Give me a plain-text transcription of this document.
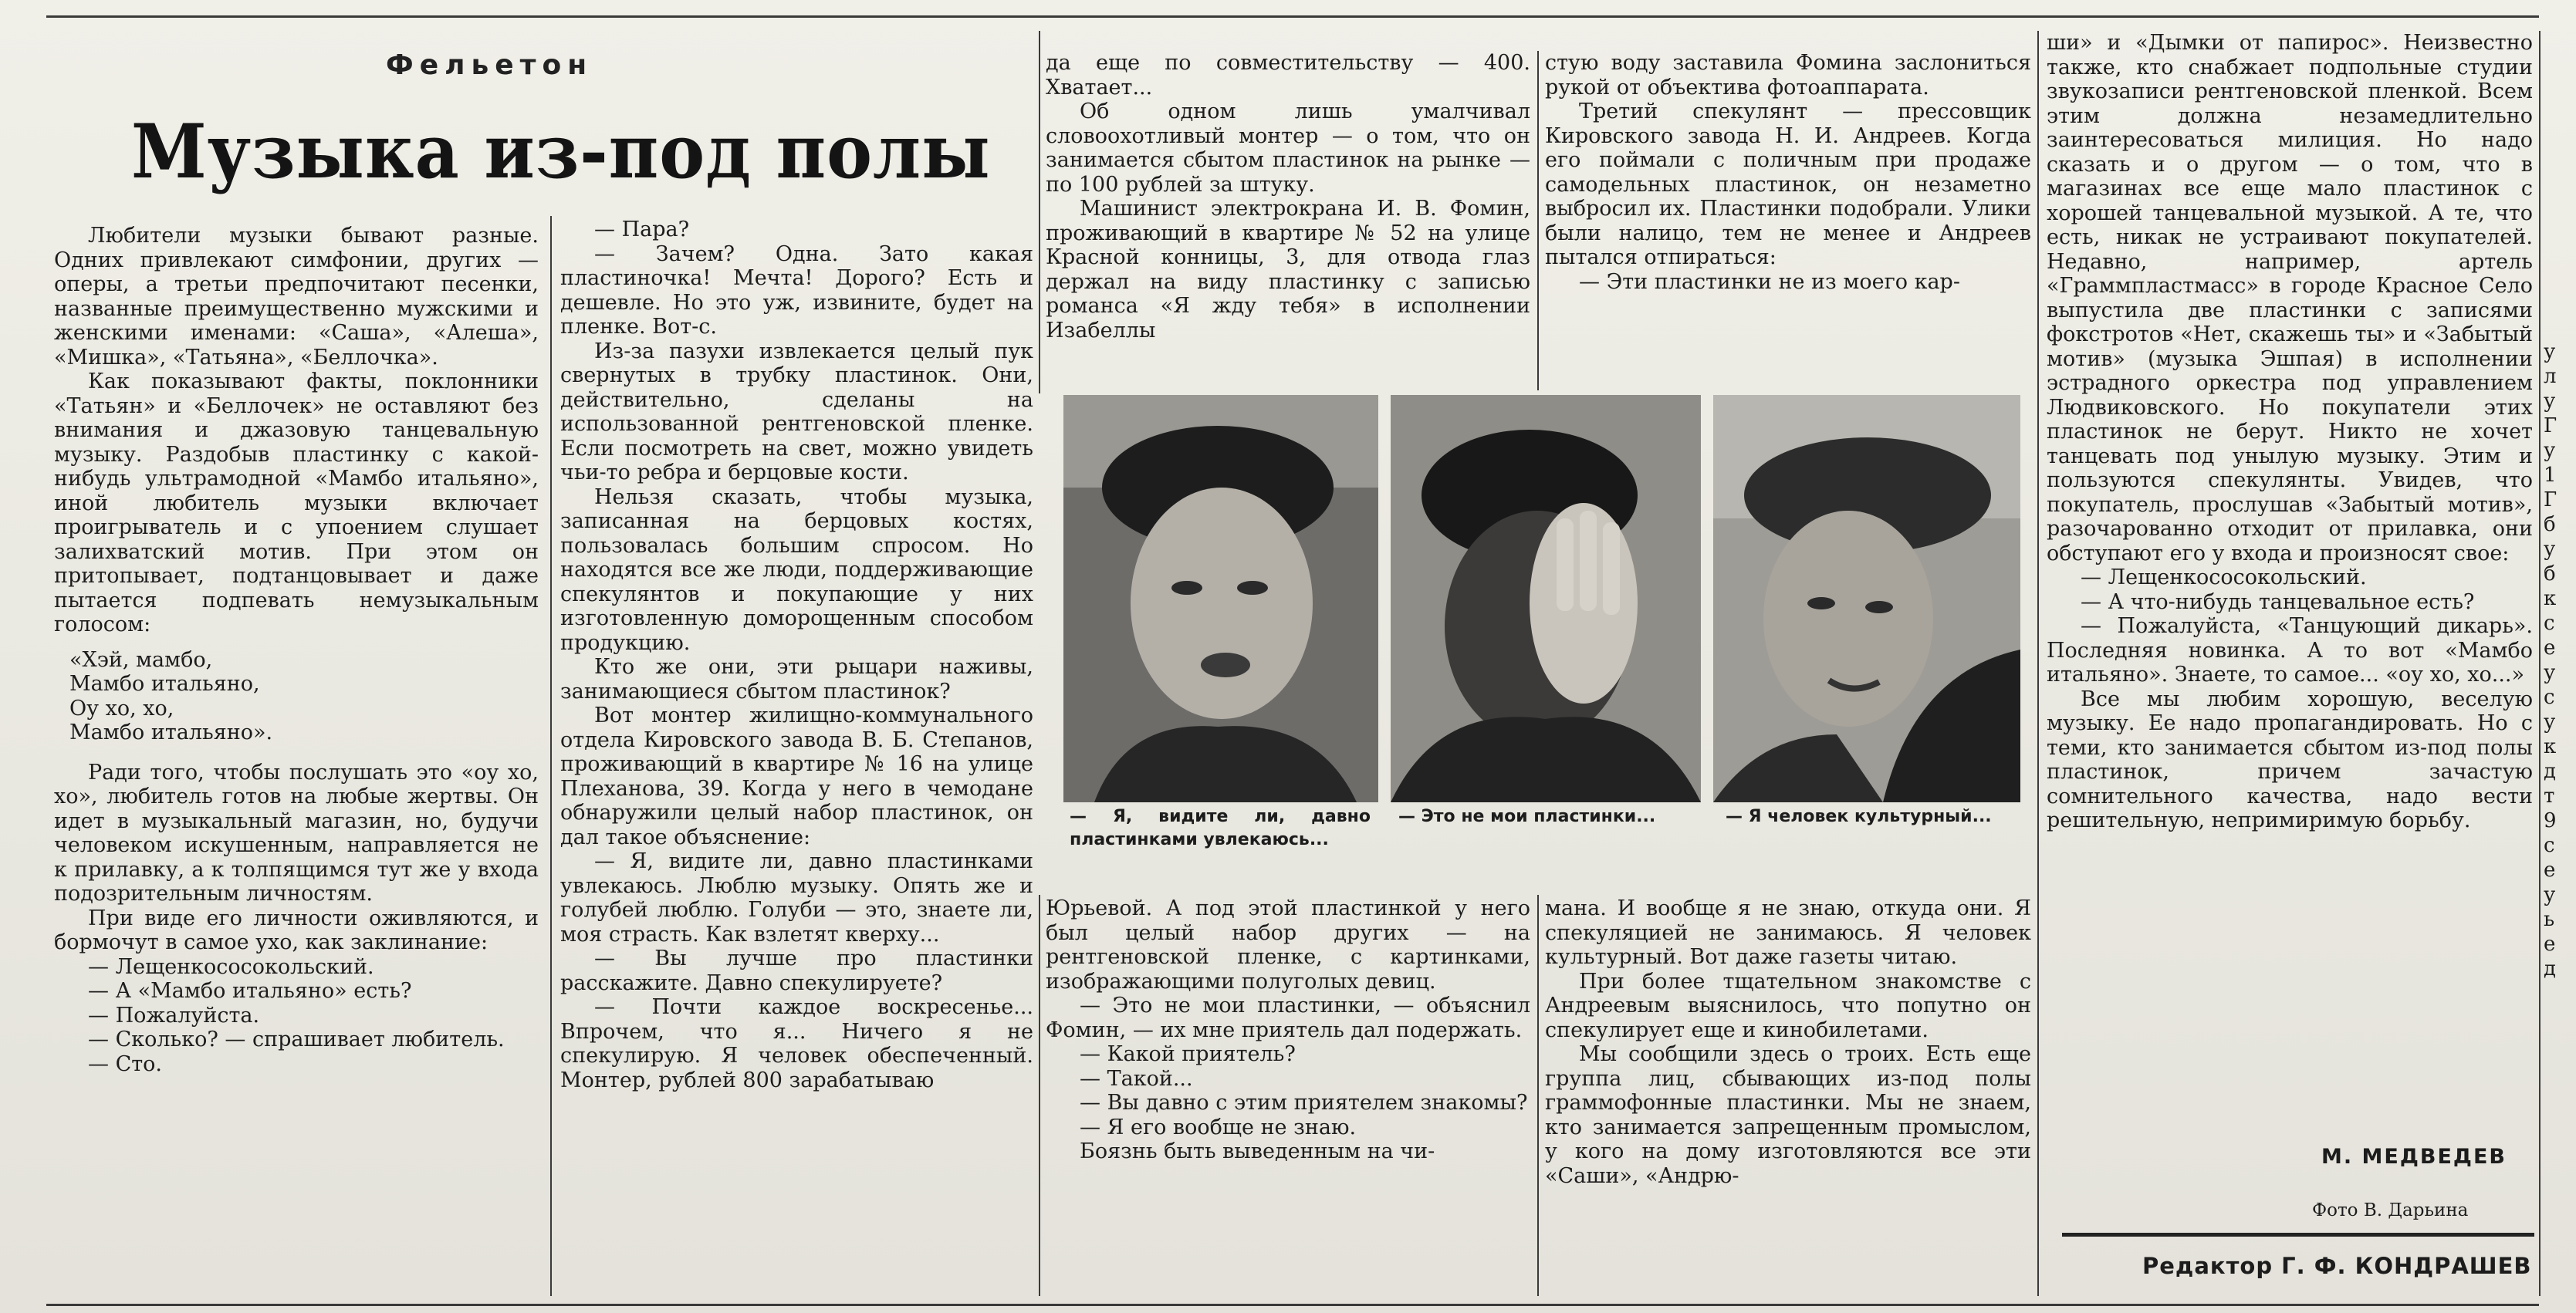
Фельетон
Музыка из-под полы

Любители музыки бывают разные. Одних привлекают симфонии, других — оперы, а третьи предпочитают песенки, названные преимущественно мужскими и женскими именами: «Саша», «Алеша», «Мишка», «Татьяна», «Беллочка».

Как показывают факты, поклонники «Татьян» и «Беллочек» не оставляют без внимания и джазовую танцевальную музыку. Раздобыв пластинку с какой-нибудь ультрамодной «Мамбо итальяно», иной любитель музыки включает проигрыватель и с упоением слушает залихватский мотив. При этом он притопывает, подтанцовывает и даже пытается подпевать немузыкальным голосом:

«Хэй, мамбо,

Мамбо итальяно,

Оу хо, хо,

Мамбо итальяно».

Ради того, чтобы послушать это «оу хо, хо», любитель готов на любые жертвы. Он идет в музыкальный магазин, но, будучи человеком искушенным, направляется не к прилавку, а к толпящимся тут же у входа подозрительным личностям.

При виде его личности оживляются, и бормочут в самое ухо, как заклинание:

— Лещенкососокольский.

— А «Мамбо итальяно» есть?

— Пожалуйста.

— Сколько? — спрашивает любитель.

— Сто.

— Пара?

— Зачем? Одна. Зато какая пластиночка! Мечта! Дорого? Есть и дешевле. Но это уж, извините, будет на пленке. Вот-с.

Из-за пазухи извлекается целый пук свернутых в трубку пластинок. Они, действительно, сделаны на использованной рентгеновской пленке. Если посмотреть на свет, можно увидеть чьи-то ребра и берцовые кости.

Нельзя сказать, чтобы музыка, записанная на берцовых костях, пользовалась большим спросом. Но находятся все же люди, поддерживающие спекулянтов и покупающие у них изготовленную доморощенным способом продукцию.

Кто же они, эти рыцари наживы, занимающиеся сбытом пластинок?

Вот монтер жилищно-коммунального отдела Кировского завода В. Б. Степанов, проживающий в квартире № 16 на улице Плеханова, 39. Когда у него в чемодане обнаружили целый набор пластинок, он дал такое объяснение:

— Я, видите ли, давно пластинками увлекаюсь. Люблю музыку. Опять же и голубей люблю. Голуби — это, знаете ли, моя страсть. Как взлетят кверху...

— Вы лучше про пластинки расскажите. Давно спекулируете?

— Почти каждое воскресенье... Впрочем, что я... Ничего я не спекулирую. Я человек обеспеченный. Монтер, рублей 800 зарабатываю

да еще по совместительству — 400. Хватает...

Об одном лишь умалчивал словоохотливый монтер — о том, что он занимается сбытом пластинок на рынке — по 100 рублей за штуку.

Машинист электрокрана И. В. Фомин, проживающий в квартире № 52 на улице Красной конницы, 3, для отвода глаз держал на виду пластинку с записью романса «Я жду тебя» в исполнении Изабеллы

стую воду заставила Фомина заслониться рукой от объектива фотоаппарата.

Третий спекулянт — прессовщик Кировского завода Н. И. Андреев. Когда его поймали с поличным при продаже самодельных пластинок, он незаметно выбросил их. Пластинки подобрали. Улики были налицо, тем не менее и Андреев пытался отпираться:

— Эти пластинки не из моего кар-

— Я, видите ли, давно пластинками увлекаюсь...
— Это не мои пластинки...	— Я человек культурный...

Юрьевой. А под этой пластинкой у него был целый набор других — на рентгеновской пленке, с картинками, изображающими полуголых девиц.

— Это не мои пластинки, — объяснил Фомин, — их мне приятель дал подержать.

— Какой приятель?

— Такой...

— Вы давно с этим приятелем знакомы?

— Я его вообще не знаю.

Боязнь быть выведенным на чи-

мана. И вообще я не знаю, откуда они. Я спекуляцией не занимаюсь. Я человек культурный. Вот даже газеты читаю.

При более тщательном знакомстве с Андреевым выяснилось, что попутно он спекулирует еще и кинобилетами.

Мы сообщили здесь о троих. Есть еще группа лиц, сбывающих из-под полы граммофонные пластинки. Мы не знаем, кто занимается запрещенным промыслом, у кого на дому изготовляются все эти «Саши», «Андрю-

ши» и «Дымки от папирос». Неизвестно также, кто снабжает подпольные студии звукозаписи рентгеновской пленкой. Всем этим должна незамедлительно заинтересоваться милиция. Но надо сказать и о другом — о том, что в магазинах все еще мало пластинок с хорошей танцевальной музыкой. А те, что есть, никак не устраивают покупателей. Недавно, например, артель «Граммпластмасс» в городе Красное Село выпустила две пластинки с записями фокстротов «Нет, скажешь ты» и «Забытый мотив» (музыка Эшпая) в исполнении эстрадного оркестра под управлением Людвиковского. Но покупатели этих пластинок не берут. Никто не хочет танцевать под унылую музыку. Этим и пользуются спекулянты. Увидев, что покупатель, прослушав «Забытый мотив», разочарованно отходит от прилавка, они обступают его у входа и произносят свое:

— Лещенкососокольский.

— А что-нибудь танцевальное есть?

— Пожалуйста, «Танцующий дикарь». Последняя новинка. А то вот «Мамбо итальяно». Знаете, то самое... «оу хо, хо...»

Все мы любим хорошую, веселую музыку. Ее надо пропагандировать. Но с теми, кто занимается сбытом из-под полы пластинок, причем зачастую сомнительного качества, надо вести решительную, непримиримую борьбу.

М. МЕДВЕДЕВ
Фото В. Дарьина
Редактор Г. Ф. КОНДРАШЕВ
у
л
у
Г
у
1
Г
б
у
б
к
с
е
у
с
у
к
д
т
9
с
е
у
ь
е
д
